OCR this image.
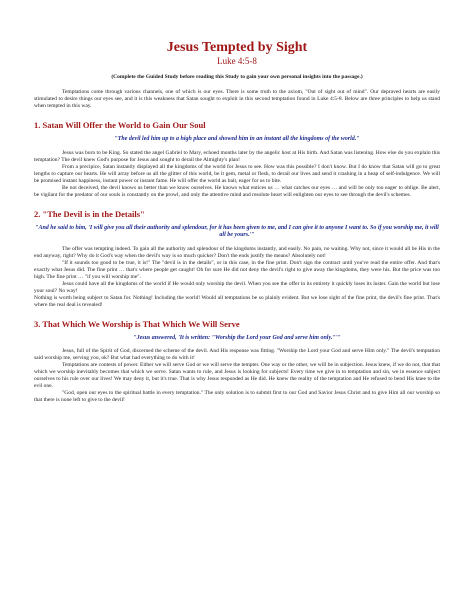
Jesus Tempted by Sight
Luke 4:5-8
(Complete the Guided Study before reading this Study to gain your own personal insights into the passage.)

Temptations come through various channels, one of which is our eyes. There is some truth to the axiom, "Out of sight out of mind". Our depraved hearts are easily stimulated to desire things our eyes see, and it is this weakness that Satan sought to exploit in this second temptation found in Luke 4:5-8. Below are three principles to help us stand when tempted in this way.

1. Satan Will Offer the World to Gain Our Soul
"The devil led him up to a high place and showed him in an instant all the kingdoms of the world."

Jesus was born to be King. So stated the angel Gabriel to Mary, echoed months later by the angelic host at His birth. And Satan was listening. How else do you explain this temptation? The devil knew God's purpose for Jesus and sought to derail the Almighty's plan!

From a precipice, Satan instantly displayed all the kingdoms of the world for Jesus to see. How was this possible? I don't know. But I do know that Satan will go to great lengths to capture our hearts. He will array before us all the glitter of this world, be it gem, metal or flesh, to derail our lives and send it crashing in a heap of self-indulgence. We will be promised instant happiness, instant power or instant fame. He will offer the world as bait, eager for us to bite.

Be not deceived, the devil knows us better than we know ourselves. He knows what entices us … what catches our eyes … and will be only too eager to oblige. Be alert, be vigilant for the predator of our souls is constantly on the prowl, and only the attentive mind and resolute heart will enlighten our eyes to see through the devil's schemes.

2. "The Devil is in the Details"
"And he said to him, 'I will give you all their authority and splendour, for it has been given to me, and I can give it to anyone I want to. So if you worship me, it will all be yours.'"

The offer was tempting indeed. To gain all the authority and splendour of the kingdoms instantly, and easily. No pain, no waiting. Why not, since it would all be His in the end anyway, right? Why do it God's way when the devil's way is so much quicker? Don't the ends justify the means? Absolutely not!

"If it sounds too good to be true, it is!" The "devil is in the details", or in this case, in the fine print. Don't sign the contract until you've read the entire offer. And that's exactly what Jesus did. The fine print … that's where people get caught! Oh for sure He did not deny the devil's right to give away the kingdoms, they were his. But the price was too high. The fine print … "if you will worship me".

Jesus could have all the kingdoms of the world if He would only worship the devil. When you see the offer in its entirety it quickly loses its luster. Gain the world but lose your soul? No way!

Nothing is worth being subject to Satan for. Nothing! Including the world! Would all temptations be so plainly evident. But we lose sight of the fine print, the devil's fine print. That's where the real deal is revealed!

3. That Which We Worship is That Which We Will Serve
"Jesus answered, 'It is written: "Worship the Lord your God and serve him only."'"

Jesus, full of the Spirit of God, discerned the scheme of the devil. And His response was fitting. "Worship the Lord your God and serve Him only." The devil's temptation said worship me, serving you, ok? But what had everything to do with it!

Temptations are contests of power. Either we will serve God or we will serve the tempter. One way or the other, we will be in subjection. Jesus knew, if we do not, that that which we worship inevitably becomes that which we serve. Satan wants to rule, and Jesus is looking for subjects! Every time we give in to temptation and sin, we in essence subject ourselves to his rule over our lives! We may deny it, but it's true. That is why Jesus responded as He did. He knew the reality of the temptation and He refused to bend His knee to the evil one.

"God, open our eyes to the spiritual battle in every temptation." The only solution is to submit first to our God and Savior Jesus Christ and to give Him all our worship so that there is none left to give to the devil!
